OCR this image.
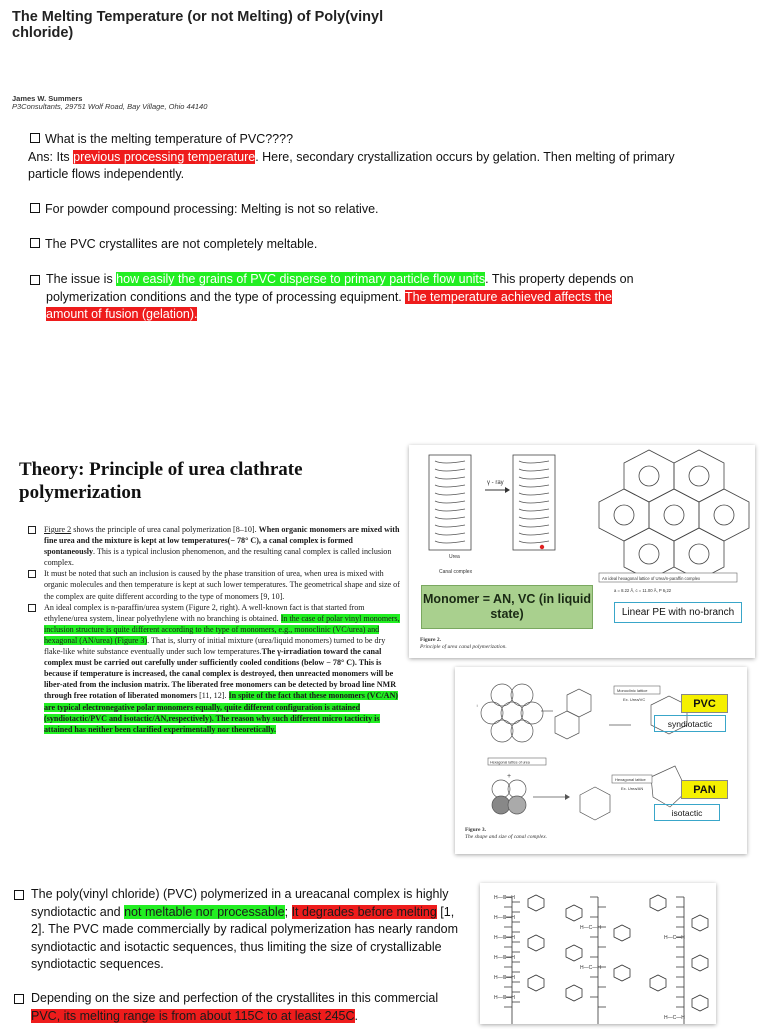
The Melting Temperature (or not Melting) of Poly(vinyl chloride)
James W. Summers
P3Consultants, 29751 Wolf Road, Bay Village, Ohio 44140
What is the melting temperature of PVC????
Ans: Its previous processing temperature. Here, secondary crystallization occurs by gelation. Then melting of primary particle flows independently.
For powder compound processing: Melting is not so relative.
The PVC crystallites are not completely meltable.
The issue is how easily the grains of PVC disperse to primary particle flow units. This property depends on polymerization conditions and the type of processing equipment. The temperature achieved affects the amount of fusion (gelation).
Theory: Principle of urea clathrate polymerization

Figure 2 shows the principle of urea canal polymerization [8–10]. When organic monomers are mixed with fine urea and the mixture is kept at low temperatures(− 78° C), a canal complex is formed spontaneously. This is a typical inclusion phenomenon, and the resulting canal complex is called inclusion complex.

It must be noted that such an inclusion is caused by the phase transition of urea, when urea is mixed with organic molecules and then temperature is kept at such lower temperatures. The geometrical shape and size of the complex are quite different according to the type of monomers [9, 10].

An ideal complex is n-paraffin/urea system (Figure 2, right). A well-known fact is that started from ethylene/urea system, linear polyethylene with no branching is obtained. In the case of polar vinyl monomers, inclusion structure is quite different according to the type of monomers, e.g., monoclinic (VC/urea) and hexagonal (AN/urea) (Figure 3). That is, slurry of initial mixture (urea/liquid monomers) turned to be dry flake-like white substance eventually under such low temperatures.The γ-irradiation toward the canal complex must be carried out carefully under sufficiently cooled conditions (below − 78° C). This is because if temperature is increased, the canal complex is destroyed, then unreacted monomers will be liber-ated from the inclusion matrix. The liberated free monomers can be detected by broad line NMR through free rotation of liberated monomers [11, 12]. In spite of the fact that these monomers (VC/AN) are typical electronegative polar monomers equally, quite different configuration is attained (syndiotactic/PVC and isotactic/AN,respectively). The reason why such different micro tacticity is attained has neither been clarified experimentally nor theoretically.

γ - ray
Urea
Canal complex
An ideal hexagonal lattice of Urea/n-paraffin complex
a = 8.22 Å, c = 11.00 Å, P 6₁22
Monomer = AN, VC (in liquid state)	Linear PE with no-branch
Figure 2.
Principle of urea canal polymerization.
↕
Monoclinic lattice
Ex. Urea/VC
Hexagonal lattice of urea
+	Hexagonal lattice
Ex. Urea/AN
PVC
syndiotactic
PAN
isotactic
Figure 3.
The shape and size of canal complex.
H—C—H
H—C—H
H—C—H
H—C—H
H—C—H
H—C—H
H—C—H
H—C—H
H—C—H
H—C—H
The poly(vinyl chloride) (PVC) polymerized in a ureacanal complex is highly syndiotactic and not meltable nor processable; It degrades before melting [1, 2]. The PVC made commercially by radical polymerization has nearly random syndiotactic and isotactic sequences, thus limiting the size of crystallizable syndiotactic sequences.
Depending on the size and perfection of the crystallites in this commercial PVC, its melting range is from about 115C to at least 245C.
